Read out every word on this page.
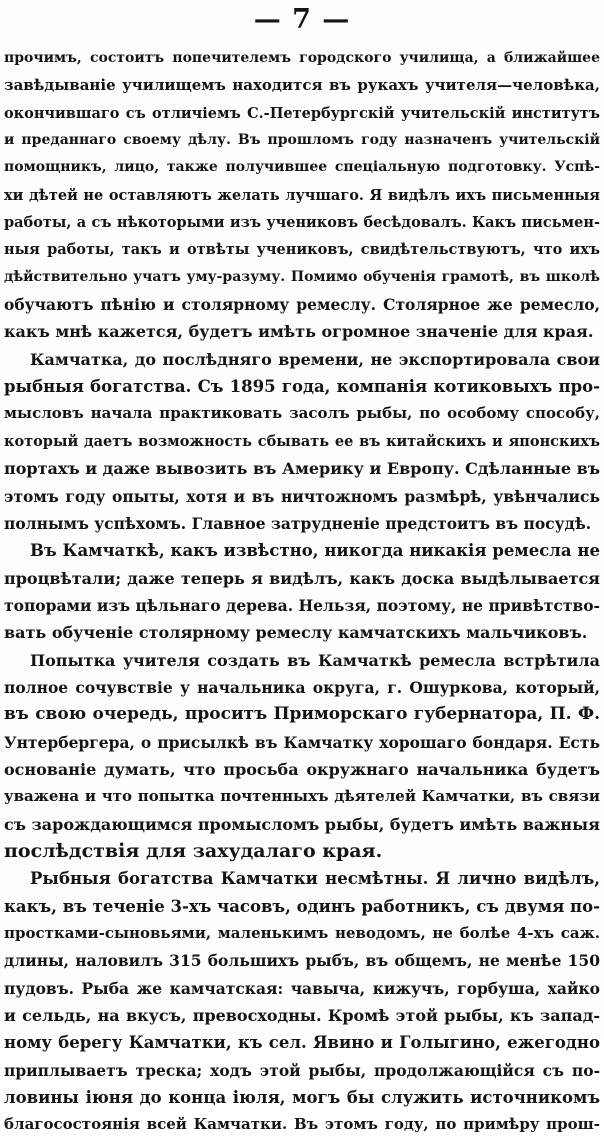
— 7 —
прочимъ, состоитъ попечителемъ городского училища, а ближайшее
завѣдываніе училищемъ находится въ рукахъ учителя—человѣка,
окончившаго съ отличіемъ С.-Петербургскій учительскій институтъ
и преданнаго своему дѣлу. Въ прошломъ году назначенъ учительскій
помощникъ, лицо, также получившее спеціальную подготовку. Успѣ-
хи дѣтей не оставляютъ желать лучшаго. Я видѣлъ ихъ письменныя
работы, а съ нѣкоторыми изъ учениковъ бесѣдовалъ. Какъ письмен-
ныя работы, такъ и отвѣты учениковъ, свидѣтельствуютъ, что ихъ
дѣйствительно учатъ уму-разуму. Помимо обученія грамотѣ, въ школѣ
обучаютъ пѣнію и столярному ремеслу. Столярное же ремесло,
какъ мнѣ кажется, будетъ имѣть огромное значеніе для края.
Камчатка, до послѣдняго времени, не экспортировала свои
рыбныя богатства. Съ 1895 года, компанія котиковыхъ про-
мысловъ начала практиковать засолъ рыбы, по особому способу,
который даетъ возможность сбывать ее въ китайскихъ и японскихъ
портахъ и даже вывозить въ Америку и Европу. Сдѣланные въ
этомъ году опыты, хотя и въ ничтожномъ размѣрѣ, увѣнчались
полнымъ успѣхомъ. Главное затрудненіе предстоитъ въ посудѣ.
Въ Камчаткѣ, какъ извѣстно, никогда никакія ремесла не
процвѣтали; даже теперь я видѣлъ, какъ доска выдѣлывается
топорами изъ цѣльнаго дерева. Нельзя, поэтому, не привѣтство-
вать обученіе столярному ремеслу камчатскихъ мальчиковъ.
Попытка учителя создать въ Камчаткѣ ремесла встрѣтила
полное сочувствіе у начальника округа, г. Ошуркова, который,
въ свою очередь, проситъ Приморскаго губернатора, П. Ф.
Унтербергера, о присылкѣ въ Камчатку хорошаго бондаря. Есть
основаніе думать, что просьба окружнаго начальника будетъ
уважена и что попытка почтенныхъ дѣятелей Камчатки, въ связи
съ зарождающимся промысломъ рыбы, будетъ имѣть важныя
послѣдствія для захудалаго края.
Рыбныя богатства Камчатки несмѣтны. Я лично видѣлъ,
какъ, въ теченіе 3-хъ часовъ, одинъ работникъ, съ двумя по-
простками-сыновьями, маленькимъ неводомъ, не болѣе 4-хъ саж.
длины, наловилъ 315 большихъ рыбъ, въ общемъ, не менѣе 150
пудовъ. Рыба же камчатская: чавыча, кижучъ, горбуша, хайко
и сельдь, на вкусъ, превосходны. Кромѣ этой рыбы, къ запад-
ному берегу Камчатки, къ сел. Явино и Голыгино, ежегодно
приплываетъ треска; ходъ этой рыбы, продолжающійся съ по-
ловины іюня до конца іюля, могъ бы служить источникомъ
благосостоянія всей Камчатки. Въ этомъ году, по примѣру прош-
